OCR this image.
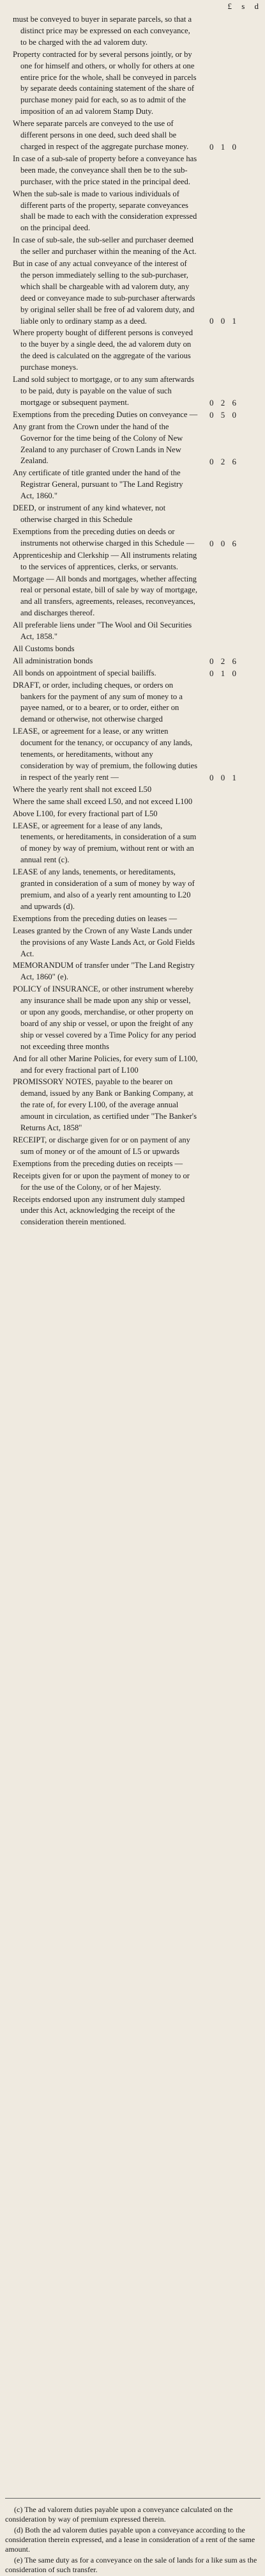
£ s d
must be conveyed to buyer in separate parcels, so that a distinct price may be expressed on each conveyance, to be charged with the ad valorem duty.
Property contracted for by several persons jointly, or by one for himself and others, or wholly for others at one entire price for the whole, shall be conveyed in parcels by separate deeds containing statement of the share of purchase money paid for each, so as to admit of the imposition of an ad valorem Stamp Duty.
Where separate parcels are conveyed to the use of different persons in one deed, such deed shall be charged in respect of the aggregate purchase money.
In case of a sub-sale of property before a conveyance has been made, the conveyance shall then be to the sub-purchaser, with the price stated in the principal deed.
When the sub-sale is made to various individuals of different parts of the property, separate conveyances shall be made to each with the consideration expressed on the principal deed.
In case of sub-sale, the sub-seller and purchaser deemed the seller and purchaser within the meaning of the Act.
But in case of any actual conveyance of the interest of the person immediately selling to the sub-purchaser, which shall be chargeable with ad valorem duty, any deed or conveyance made to sub-purchaser afterwards by original seller shall be free of ad valorem duty, and liable only to ordinary stamp as a deed.
Where property bought of different persons is conveyed to the buyer by a single deed, the ad valorem duty on the deed is calculated on the aggregate of the various purchase moneys.
Land sold subject to mortgage, or to any sum afterwards to be paid, duty is payable on the value of such mortgage or subsequent payment.
Exemptions from the preceding Duties on conveyance —
Any grant from the Crown under the hand of the Governor for the time being of the Colony of New Zealand to any purchaser of Crown Lands in New Zealand.
Any certificate of title granted under the hand of the Registrar General, pursuant to "The Land Registry Act, 1860."
DEED, or instrument of any kind whatever, not otherwise charged in this Schedule
Exemptions from the preceding duties on deeds or instruments not otherwise charged in this Schedule —
Apprenticeship and Clerkship — All instruments relating to the services of apprentices, clerks, or servants.
Mortgage — All bonds and mortgages, whether affecting real or personal estate, bill of sale by way of mortgage, and all transfers, agreements, releases, reconveyances, and discharges thereof.
All preferable liens under "The Wool and Oil Securities Act, 1858."
All Customs bonds
All administration bonds
All bonds on appointment of special bailiffs.
DRAFT, or order, including cheques, or orders on bankers for the payment of any sum of money to a payee named, or to a bearer, or to order, either on demand or otherwise, not otherwise charged
LEASE, or agreement for a lease, or any written document for the tenancy, or occupancy of any lands, tenements, or hereditaments, without any consideration by way of premium, the following duties in respect of the yearly rent —
Where the yearly rent shall not exceed L50
Where the same shall exceed L50, and not exceed L100
Above L100, for every fractional part of L50
LEASE, or agreement for a lease of any lands, tenements, or hereditaments, in consideration of a sum of money by way of premium, without rent or with an annual rent (c).
LEASE of any lands, tenements, or hereditaments, granted in consideration of a sum of money by way of premium, and also of a yearly rent amounting to L20 and upwards (d).
Exemptions from the preceding duties on leases —
Leases granted by the Crown of any Waste Lands under the provisions of any Waste Lands Act, or Gold Fields Act.
MEMORANDUM of transfer under "The Land Registry Act, 1860" (e).
POLICY of INSURANCE, or other instrument whereby any insurance shall be made upon any ship or vessel, or upon any goods, merchandise, or other property on board of any ship or vessel, or upon the freight of any ship or vessel covered by a Time Policy for any period not exceeding three months
And for all other Marine Policies, for every sum of L100, and for every fractional part of L100
PROMISSORY NOTES, payable to the bearer on demand, issued by any Bank or Banking Company, at the rate of, for every L100, of the average annual amount in circulation, as certified under "The Banker's Returns Act, 1858"
RECEIPT, or discharge given for or on payment of any sum of money or of the amount of L5 or upwards
Exemptions from the preceding duties on receipts —
Receipts given for or upon the payment of money to or for the use of the Colony, or of her Majesty.
Receipts endorsed upon any instrument duly stamped under this Act, acknowledging the receipt of the consideration therein mentioned.
0 1 0
0 0 1
0 2 6
0 5 0
0 2 6
0 0 6
0 2 6
0 1 0
0 0 1

(c) The ad valorem duties payable upon a conveyance calculated on the consideration by way of premium expressed therein.

(d) Both the ad valorem duties payable upon a conveyance according to the consideration therein expressed, and a lease in consideration of a rent of the same amount.

(e) The same duty as for a conveyance on the sale of lands for a like sum as the consideration of such transfer.
